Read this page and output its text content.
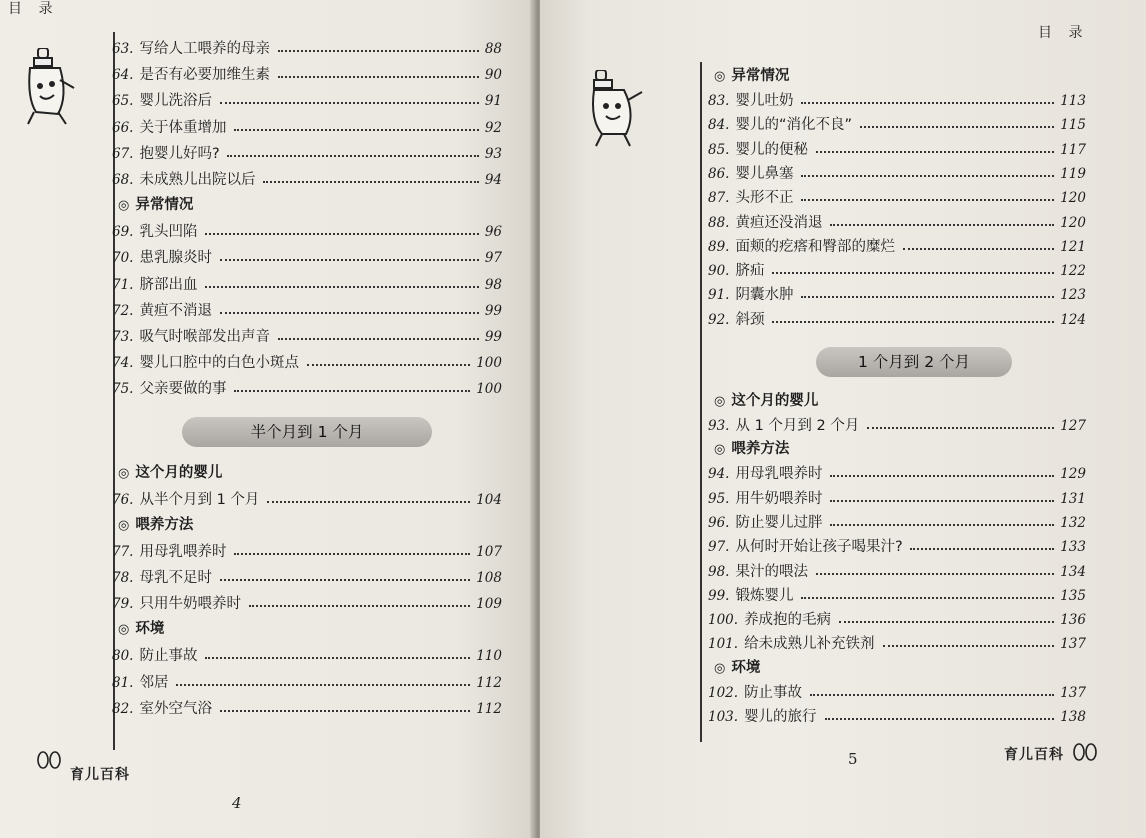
目 录
63. 写给人工喂养的母亲	88
64. 是否有必要加维生素	90
65. 婴儿洗浴后	91
66. 关于体重增加	92
67. 抱婴儿好吗?	93
68. 未成熟儿出院以后	94
◎ 异常情况
69. 乳头凹陷	96
70. 患乳腺炎时	97
71. 脐部出血	98
72. 黄疸不消退	99
73. 吸气时喉部发出声音	99
74. 婴儿口腔中的白色小斑点	100
75. 父亲要做的事	100
半个月到 1 个月
◎ 这个月的婴儿
76. 从半个月到 1 个月	104
◎ 喂养方法
77. 用母乳喂养时	107
78. 母乳不足时	108
79. 只用牛奶喂养时	109
◎ 环境
80. 防止事故	110
81. 邻居	112
82. 室外空气浴	112
育儿百科
4
目 录
◎ 异常情况
83. 婴儿吐奶	113
84. 婴儿的“消化不良”	115
85. 婴儿的便秘	117
86. 婴儿鼻塞	119
87. 头形不正	120
88. 黄疸还没消退	120
89. 面颊的疙瘩和臀部的糜烂	121
90. 脐疝	122
91. 阴囊水肿	123
92. 斜颈	124
1 个月到 2 个月
◎ 这个月的婴儿
93. 从 1 个月到 2 个月	127
◎ 喂养方法
94. 用母乳喂养时	129
95. 用牛奶喂养时	131
96. 防止婴儿过胖	132
97. 从何时开始让孩子喝果汁?	133
98. 果汁的喂法	134
99. 锻炼婴儿	135
100. 养成抱的毛病	136
101. 给未成熟儿补充铁剂	137
◎ 环境
102. 防止事故	137
103. 婴儿的旅行	138
5	育儿百科
